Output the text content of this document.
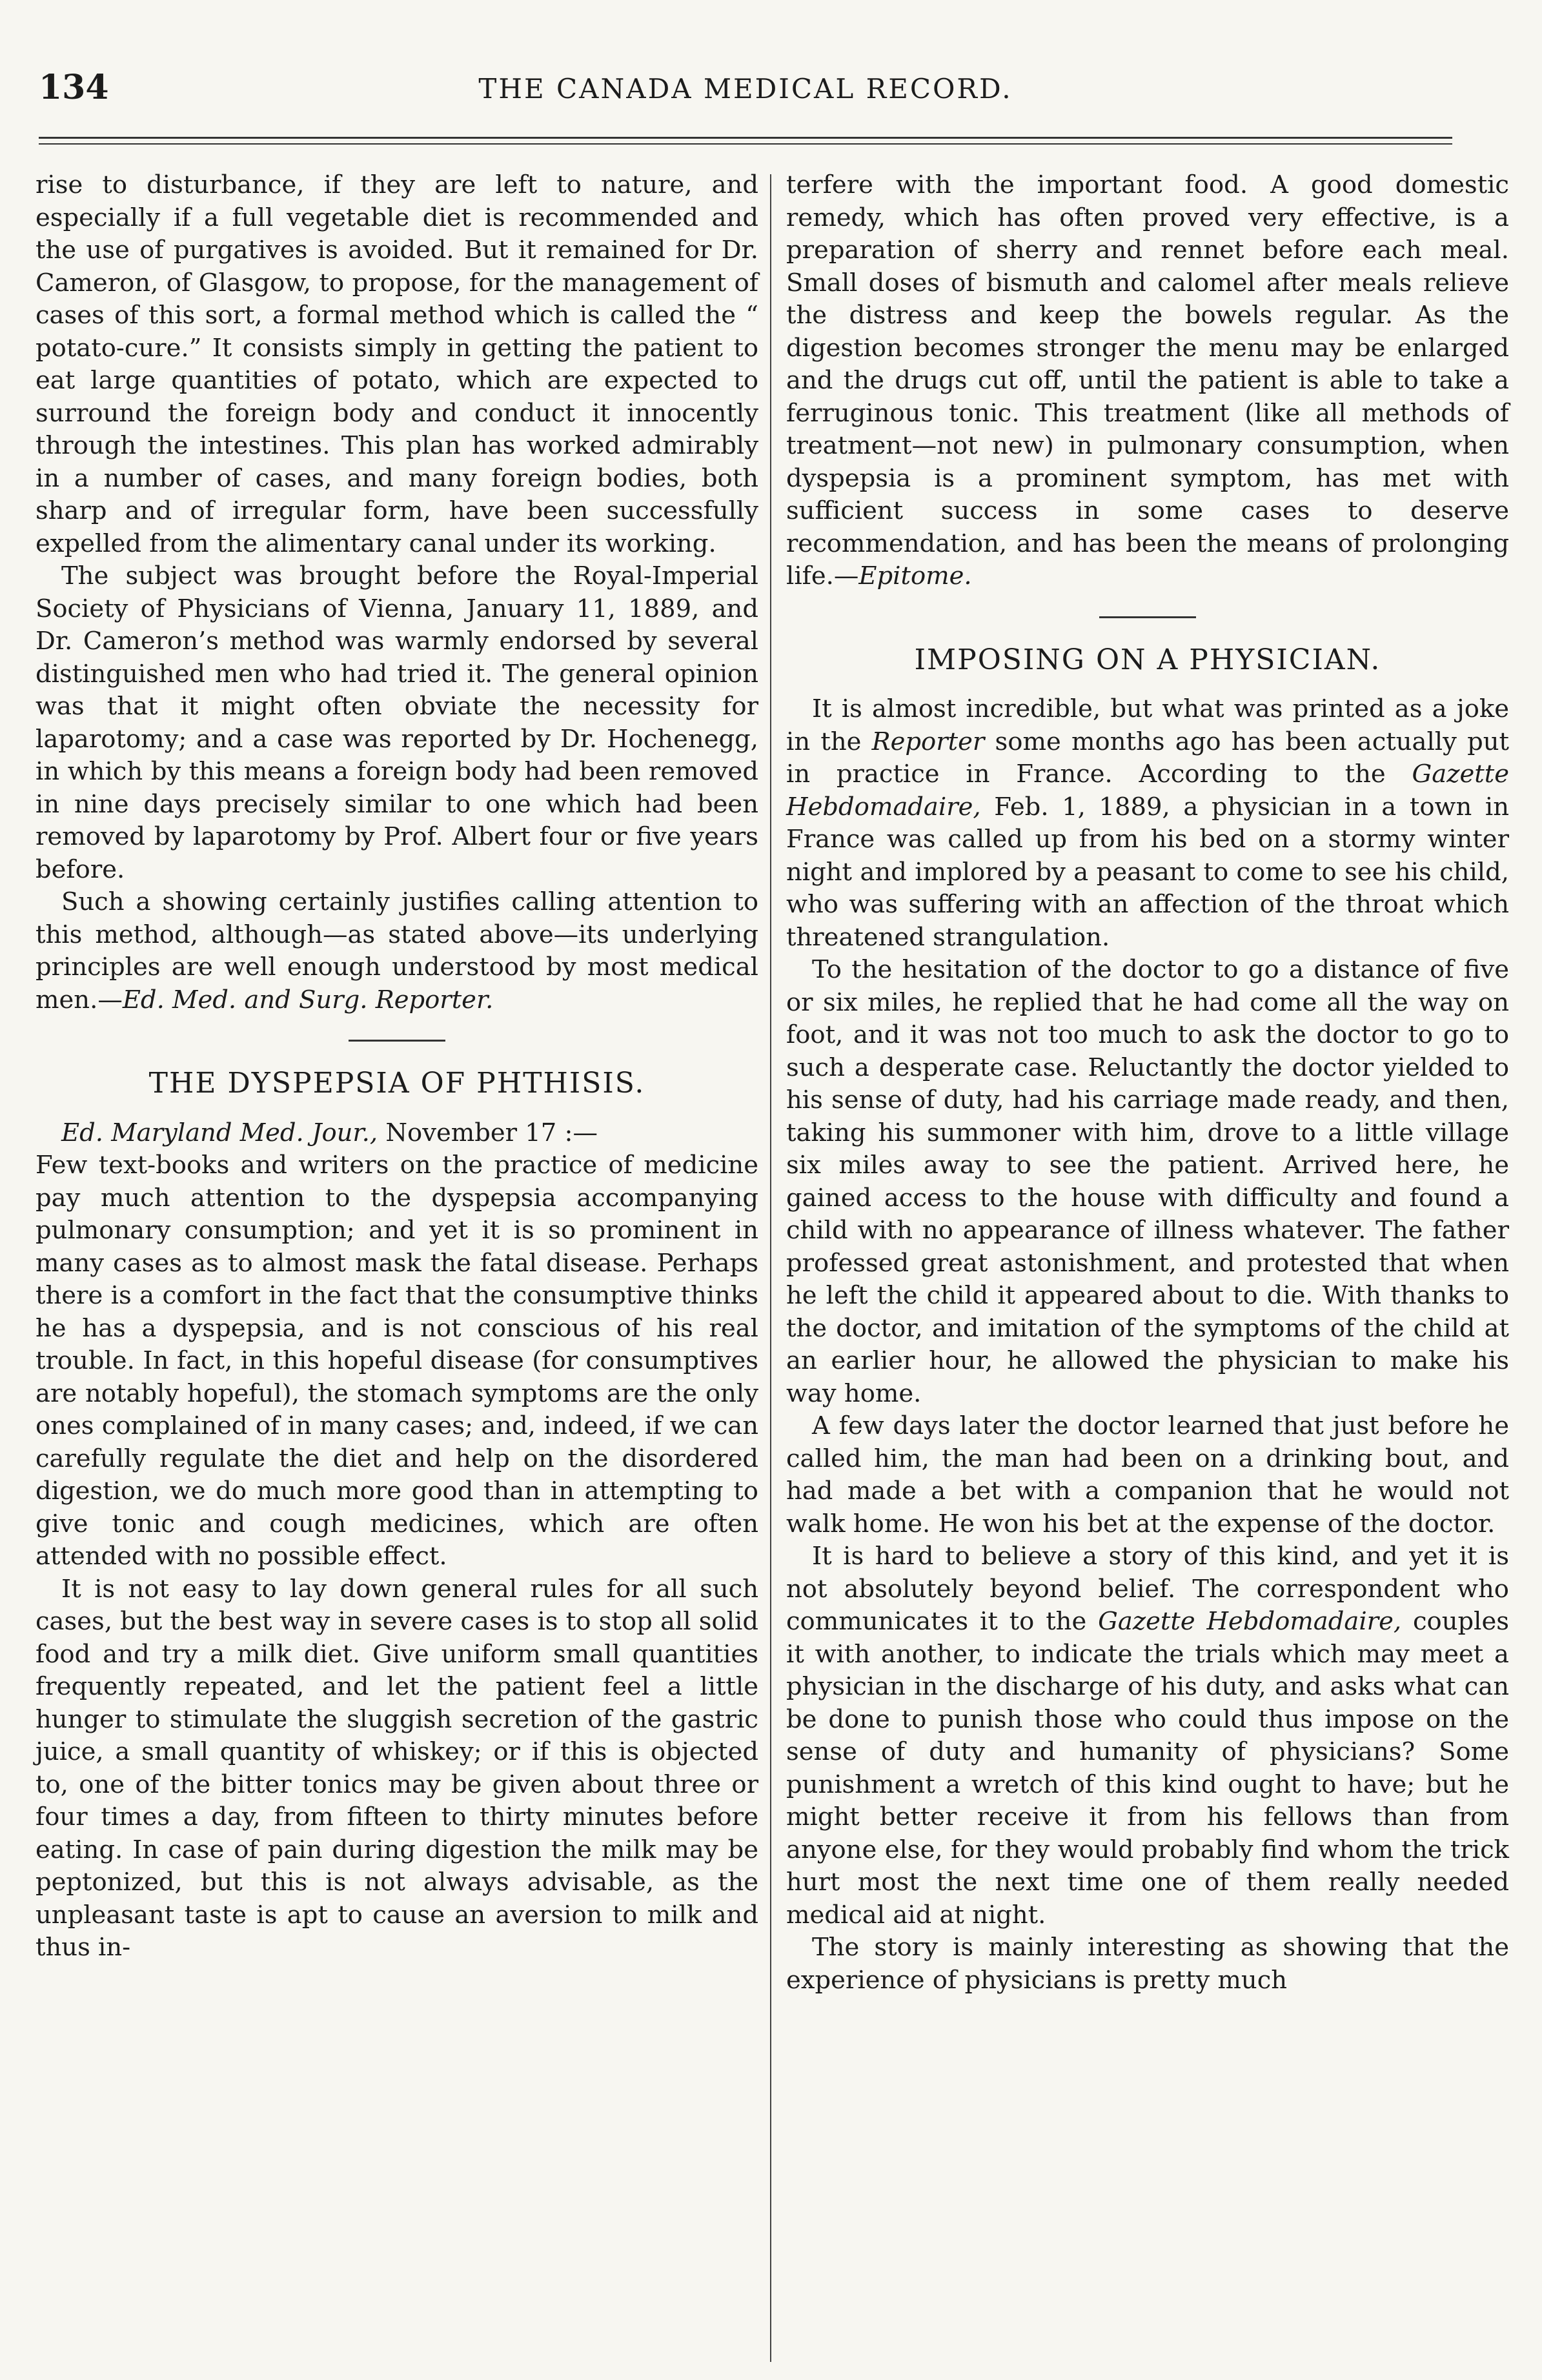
134	THE CANADA MEDICAL RECORD.

rise to disturbance, if they are left to nature, and especially if a full vegetable diet is recommended and the use of purgatives is avoided. But it remained for Dr. Cameron, of Glasgow, to propose, for the management of cases of this sort, a formal method which is called the “ potato-cure.” It consists simply in getting the patient to eat large quantities of potato, which are expected to surround the foreign body and conduct it innocently through the intestines. This plan has worked admirably in a number of cases, and many foreign bodies, both sharp and of irregular form, have been successfully expelled from the alimentary canal under its working.

The subject was brought before the Royal-Imperial Society of Physicians of Vienna, January 11, 1889, and Dr. Cameron’s method was warmly endorsed by several distinguished men who had tried it. The general opinion was that it might often obviate the necessity for laparotomy; and a case was reported by Dr. Hochenegg, in which by this means a foreign body had been removed in nine days precisely similar to one which had been removed by laparotomy by Prof. Albert four or five years before.

Such a showing certainly justifies calling attention to this method, although—as stated above—its underlying principles are well enough understood by most medical men.—Ed. Med. and Surg. Reporter.

THE DYSPEPSIA OF PHTHISIS.

Ed. Maryland Med. Jour., November 17 :—

Few text-books and writers on the practice of medicine pay much attention to the dyspepsia accompanying pulmonary consumption; and yet it is so prominent in many cases as to almost mask the fatal disease. Perhaps there is a comfort in the fact that the consumptive thinks he has a dyspepsia, and is not conscious of his real trouble. In fact, in this hopeful disease (for consumptives are notably hopeful), the stomach symptoms are the only ones complained of in many cases; and, indeed, if we can carefully regulate the diet and help on the disordered digestion, we do much more good than in attempting to give tonic and cough medicines, which are often attended with no possible effect.

It is not easy to lay down general rules for all such cases, but the best way in severe cases is to stop all solid food and try a milk diet. Give uniform small quantities frequently repeated, and let the patient feel a little hunger to stimulate the sluggish secretion of the gastric juice, a small quantity of whiskey; or if this is objected to, one of the bitter tonics may be given about three or four times a day, from fifteen to thirty minutes before eating. In case of pain during digestion the milk may be peptonized, but this is not always advisable, as the unpleasant taste is apt to cause an aversion to milk and thus in-

terfere with the important food. A good domestic remedy, which has often proved very effective, is a preparation of sherry and rennet before each meal. Small doses of bismuth and calomel after meals relieve the distress and keep the bowels regular. As the digestion becomes stronger the menu may be enlarged and the drugs cut off, until the patient is able to take a ferruginous tonic. This treatment (like all methods of treatment—not new) in pulmonary consumption, when dyspepsia is a prominent symptom, has met with sufficient success in some cases to deserve recommendation, and has been the means of prolonging life.—Epitome.

IMPOSING ON A PHYSICIAN.

It is almost incredible, but what was printed as a joke in the Reporter some months ago has been actually put in practice in France. According to the Gazette Hebdomadaire, Feb. 1, 1889, a physician in a town in France was called up from his bed on a stormy winter night and implored by a peasant to come to see his child, who was suffering with an affection of the throat which threatened strangulation.

To the hesitation of the doctor to go a distance of five or six miles, he replied that he had come all the way on foot, and it was not too much to ask the doctor to go to such a desperate case. Reluctantly the doctor yielded to his sense of duty, had his carriage made ready, and then, taking his summoner with him, drove to a little village six miles away to see the patient. Arrived here, he gained access to the house with difficulty and found a child with no appearance of illness whatever. The father professed great astonishment, and protested that when he left the child it appeared about to die. With thanks to the doctor, and imitation of the symptoms of the child at an earlier hour, he allowed the physician to make his way home.

A few days later the doctor learned that just before he called him, the man had been on a drinking bout, and had made a bet with a companion that he would not walk home. He won his bet at the expense of the doctor.

It is hard to believe a story of this kind, and yet it is not absolutely beyond belief. The correspondent who communicates it to the Gazette Hebdomadaire, couples it with another, to indicate the trials which may meet a physician in the discharge of his duty, and asks what can be done to punish those who could thus impose on the sense of duty and humanity of physicians? Some punishment a wretch of this kind ought to have; but he might better receive it from his fellows than from anyone else, for they would probably find whom the trick hurt most the next time one of them really needed medical aid at night.

The story is mainly interesting as showing that the experience of physicians is pretty much
